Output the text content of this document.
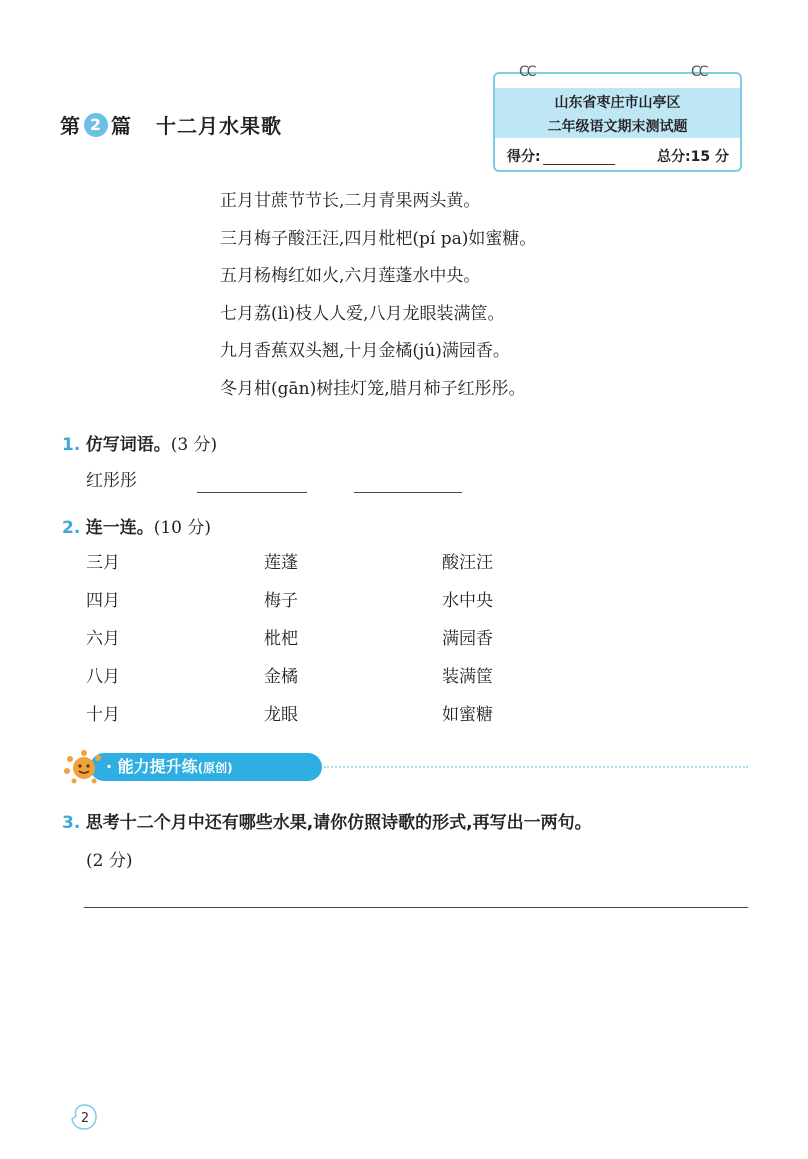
第 2 篇 十二月水果歌
CC	CC
山东省枣庄市山亭区
二年级语文期末测试题
得分:	总分:15 分
正月甘蔗节节长,二月青果两头黄。
三月梅子酸汪汪,四月枇杷(pí pa)如蜜糖。
五月杨梅红如火,六月莲蓬水中央。
七月荔(lì)枝人人爱,八月龙眼装满筐。
九月香蕉双头翘,十月金橘(jú)满园香。
冬月柑(gān)树挂灯笼,腊月柿子红彤彤。
1. 仿写词语。(3 分)
红彤彤
2. 连一连。(10 分)
三月
四月
六月
八月
十月
莲蓬
梅子
枇杷
金橘
龙眼
酸汪汪
水中央
满园香
装满筐
如蜜糖
· 能力提升练(原创)
3. 思考十二个月中还有哪些水果,请你仿照诗歌的形式,再写出一两句。
(2 分)
2
